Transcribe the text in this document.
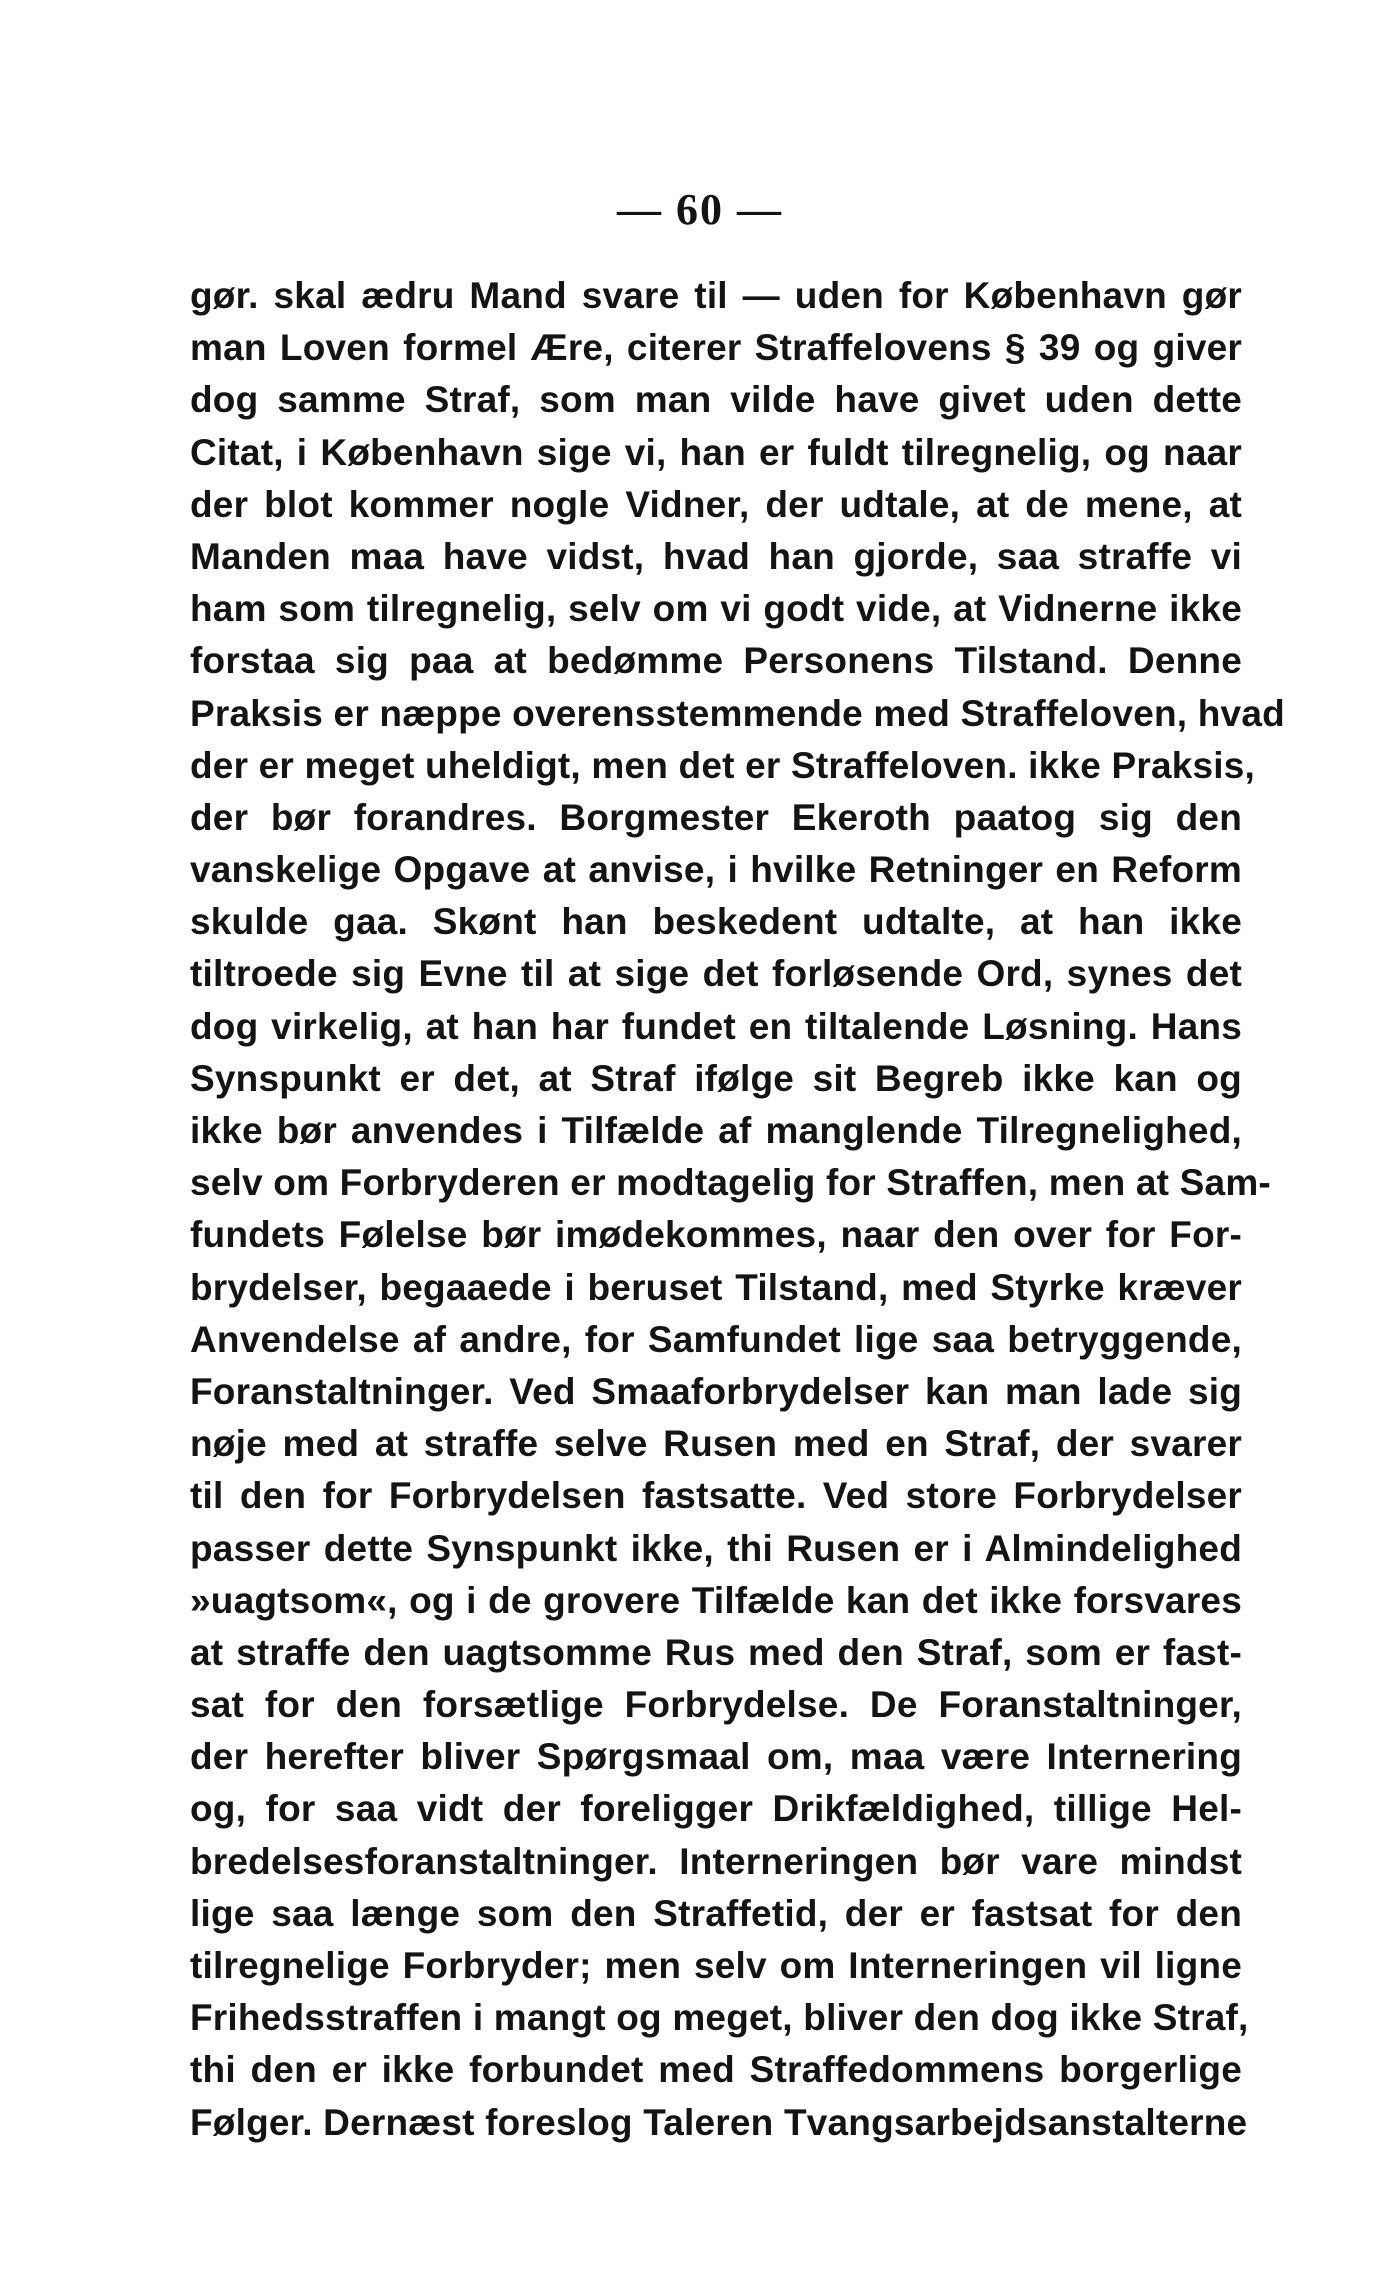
— 60 —
gør. skal ædru Mand svare til — uden for København gør
man Loven formel Ære, citerer Straffelovens § 39 og giver
dog samme Straf, som man vilde have givet uden dette
Citat, i København sige vi, han er fuldt tilregnelig, og naar
der blot kommer nogle Vidner, der udtale, at de mene, at
Manden maa have vidst, hvad han gjorde, saa straffe vi
ham som tilregnelig, selv om vi godt vide, at Vidnerne ikke
forstaa sig paa at bedømme Personens Tilstand. Denne
Praksis er næppe overensstemmende med Straffeloven, hvad
der er meget uheldigt, men det er Straffeloven. ikke Praksis,
der bør forandres. Borgmester Ekeroth paatog sig den
vanskelige Opgave at anvise, i hvilke Retninger en Reform
skulde gaa. Skønt han beskedent udtalte, at han ikke
tiltroede sig Evne til at sige det forløsende Ord, synes det
dog virkelig, at han har fundet en tiltalende Løsning. Hans
Synspunkt er det, at Straf ifølge sit Begreb ikke kan og
ikke bør anvendes i Tilfælde af manglende Tilregnelighed,
selv om Forbryderen er modtagelig for Straffen, men at Sam-
fundets Følelse bør imødekommes, naar den over for For-
brydelser, begaaede i beruset Tilstand, med Styrke kræver
Anvendelse af andre, for Samfundet lige saa betryggende,
Foranstaltninger. Ved Smaaforbrydelser kan man lade sig
nøje med at straffe selve Rusen med en Straf, der svarer
til den for Forbrydelsen fastsatte. Ved store Forbrydelser
passer dette Synspunkt ikke, thi Rusen er i Almindelighed
»uagtsom«, og i de grovere Tilfælde kan det ikke forsvares
at straffe den uagtsomme Rus med den Straf, som er fast-
sat for den forsætlige Forbrydelse. De Foranstaltninger,
der herefter bliver Spørgsmaal om, maa være Internering
og, for saa vidt der foreligger Drikfældighed, tillige Hel-
bredelsesforanstaltninger. Interneringen bør vare mindst
lige saa længe som den Straffetid, der er fastsat for den
tilregnelige Forbryder; men selv om Interneringen vil ligne
Frihedsstraffen i mangt og meget, bliver den dog ikke Straf,
thi den er ikke forbundet med Straffedommens borgerlige
Følger. Dernæst foreslog Taleren Tvangsarbejdsanstalterne
